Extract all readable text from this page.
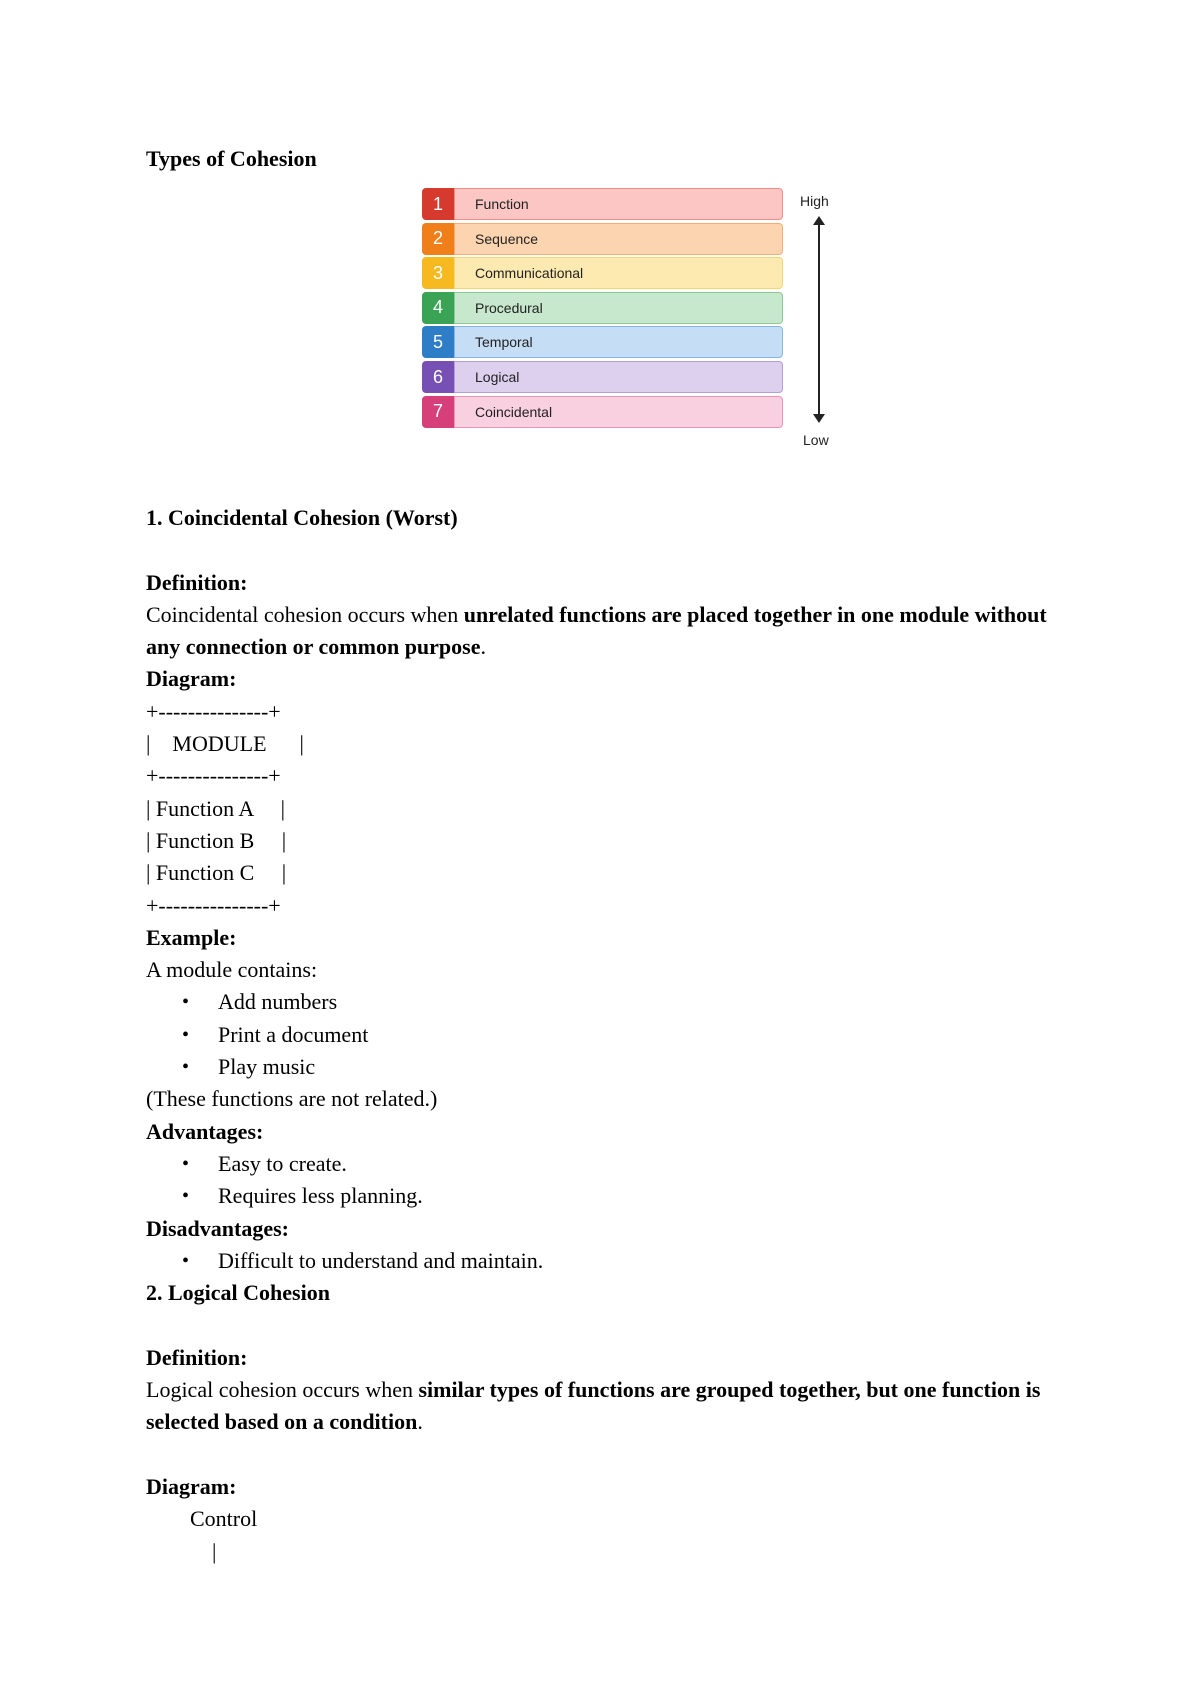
Types of Cohesion
1	Function
2	Sequence
3	Communicational
4	Procedural
5	Temporal
6	Logical
7	Coincidental
High
Low

1. Coincidental Cohesion (Worst)

Definition:

Coincidental cohesion occurs when unrelated functions are placed together in one module without any connection or common purpose.

Diagram:

+---------------+

|    MODULE      |

+---------------+

| Function A     |

| Function B     |

| Function C     |

+---------------+

Example:

A module contains:

• Add numbers
• Print a document
• Play music

(These functions are not related.)

Advantages:

• Easy to create.
• Requires less planning.

Disadvantages:

• Difficult to understand and maintain.

2. Logical Cohesion

Definition:

Logical cohesion occurs when similar types of functions are grouped together, but one function is selected based on a condition.

Diagram:

Control

|
